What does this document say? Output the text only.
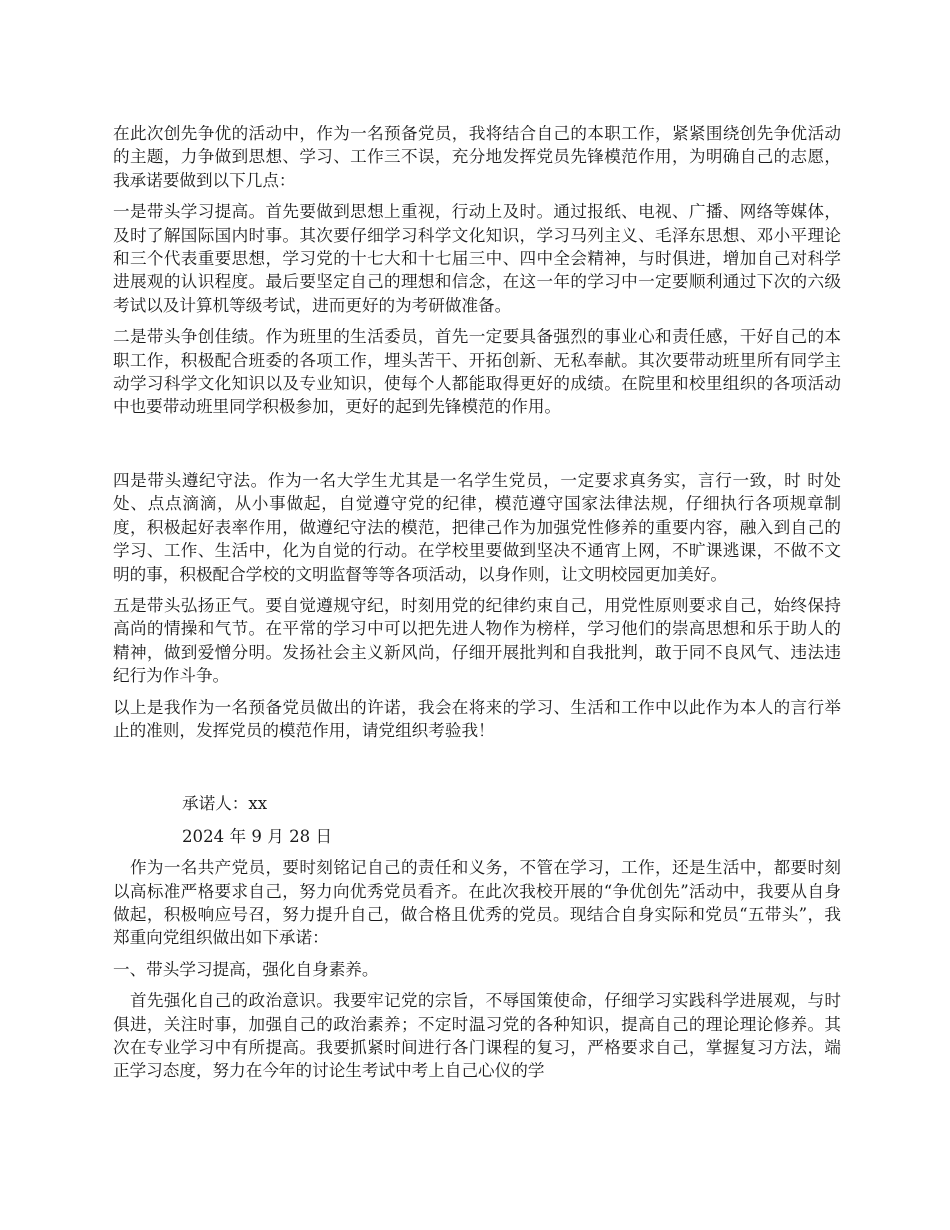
在此次创先争优的活动中，作为一名预备党员，我将结合自己的本职工作，紧紧围绕创先争优活动的主题，力争做到思想、学习、工作三不误，充分地发挥党员先锋模范作用，为明确自己的志愿，我承诺要做到以下几点：

一是带头学习提高。首先要做到思想上重视，行动上及时。通过报纸、电视、广播、网络等媒体，及时了解国际国内时事。其次要仔细学习科学文化知识，学习马列主义、毛泽东思想、邓小平理论和三个代表重要思想，学习党的十七大和十七届三中、四中全会精神，与时俱进，增加自己对科学进展观的认识程度。最后要坚定自己的理想和信念，在这一年的学习中一定要顺利通过下次的六级考试以及计算机等级考试，进而更好的为考研做准备。

二是带头争创佳绩。作为班里的生活委员，首先一定要具备强烈的事业心和责任感，干好自己的本职工作，积极配合班委的各项工作，埋头苦干、开拓创新、无私奉献。其次要带动班里所有同学主动学习科学文化知识以及专业知识，使每个人都能取得更好的成绩。在院里和校里组织的各项活动中也要带动班里同学积极参加，更好的起到先锋模范的作用。

四是带头遵纪守法。作为一名大学生尤其是一名学生党员，一定要求真务实，言行一致，时 时处处、点点滴滴，从小事做起，自觉遵守党的纪律，模范遵守国家法律法规，仔细执行各项规章制度，积极起好表率作用，做遵纪守法的模范，把律己作为加强党性修养的重要内容，融入到自己的学习、工作、生活中，化为自觉的行动。在学校里要做到坚决不通宵上网，不旷课逃课，不做不文明的事，积极配合学校的文明监督等等各项活动，以身作则，让文明校园更加美好。

五是带头弘扬正气。要自觉遵规守纪，时刻用党的纪律约束自己，用党性原则要求自己，始终保持高尚的情操和气节。在平常的学习中可以把先进人物作为榜样，学习他们的崇高思想和乐于助人的精神，做到爱憎分明。发扬社会主义新风尚，仔细开展批判和自我批判，敢于同不良风气、违法违纪行为作斗争。

以上是我作为一名预备党员做出的许诺，我会在将来的学习、生活和工作中以此作为本人的言行举止的准则，发挥党员的模范作用，请党组织考验我！

承诺人：xx

2024 年 9 月 28 日

作为一名共产党员，要时刻铭记自己的责任和义务，不管在学习，工作，还是生活中，都要时刻以高标准严格要求自己，努力向优秀党员看齐。在此次我校开展的“争优创先”活动中，我要从自身做起，积极响应号召，努力提升自己，做合格且优秀的党员。现结合自身实际和党员“五带头”，我郑重向党组织做出如下承诺：

一、带头学习提高，强化自身素养。

首先强化自己的政治意识。我要牢记党的宗旨，不辱国策使命，仔细学习实践科学进展观，与时俱进，关注时事，加强自己的政治素养；不定时温习党的各种知识，提高自己的理论理论修养。其次在专业学习中有所提高。我要抓紧时间进行各门课程的复习，严格要求自己，掌握复习方法，端正学习态度，努力在今年的讨论生考试中考上自己心仪的学
